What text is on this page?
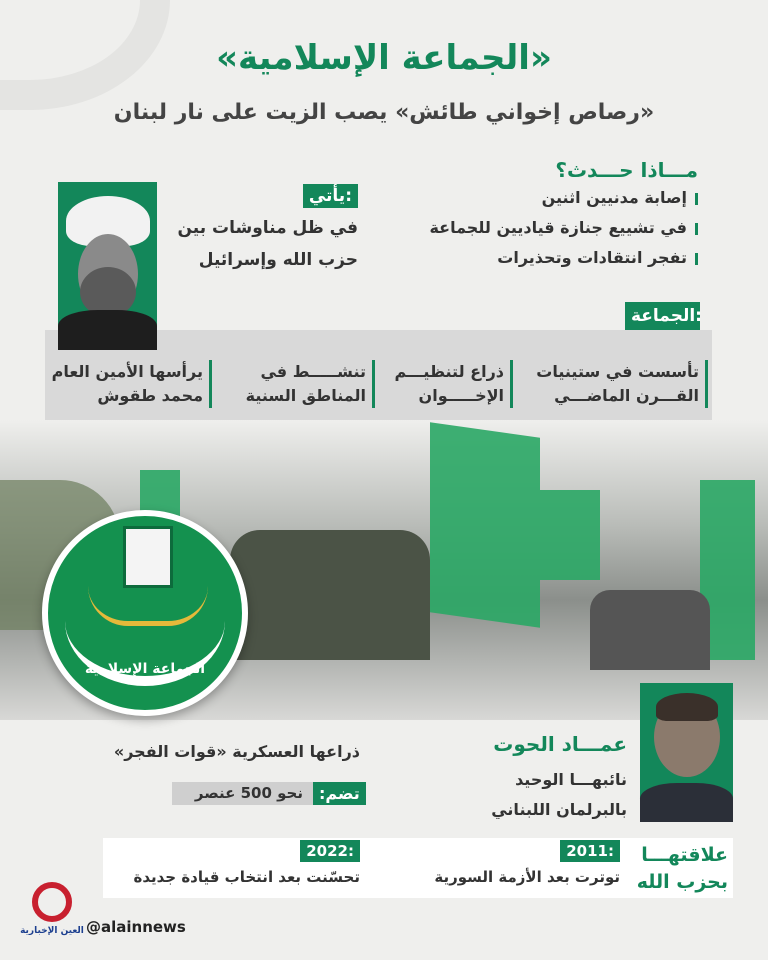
«الجماعة الإسلامية»
«رصاص إخواني طائش» يصب الزيت على نار لبنان
مـــاذا حـــدث؟
إصابة مدنيين اثنين
في تشييع جنازة قياديين للجماعة
تفجر انتقادات وتحذيرات
يأتي:
في ظل مناوشات بين
حزب الله وإسرائيل
الجماعة:
تأسست في ستينيات
القـــرن الماضـــي
ذراع لتنظيـــم
الإخـــــوان
تنشـــــط في
المناطق السنية
يرأسها الأمين العام
محمد طقوش
الجماعة الإسلامية
عمـــاد الحوت
نائبهـــا الوحيد
بالبرلمان اللبناني
ذراعها العسكرية «قوات الفجر»
تضم:
نحو 500 عنصر
علاقتهـــا
بحزب الله
2011:
توترت بعد الأزمة السورية
2022:
تحسّنت بعد انتخاب قيادة جديدة
العين الإخبارية @alainnews
